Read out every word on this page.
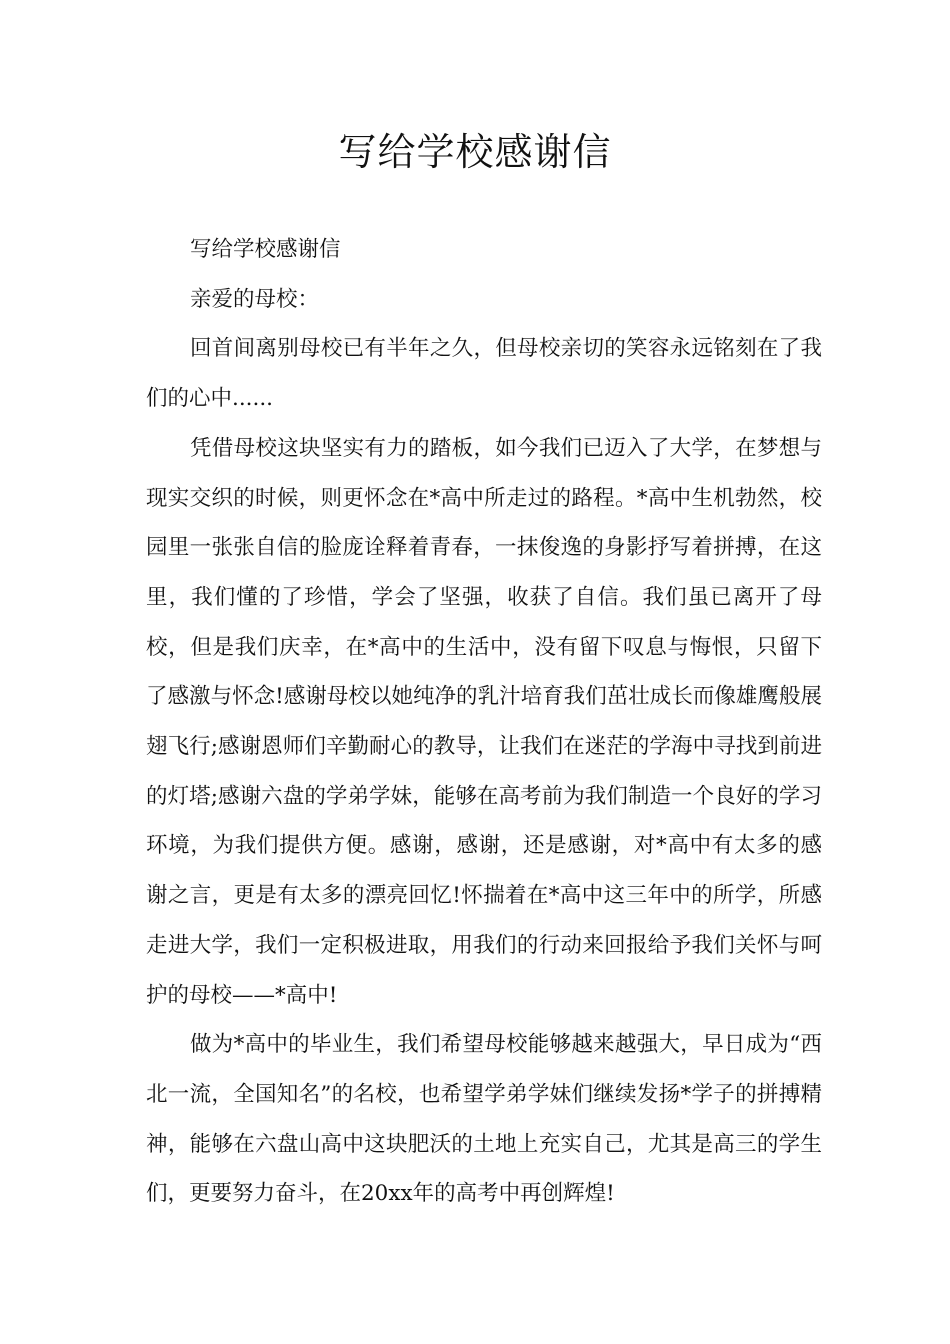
写给学校感谢信

写给学校感谢信

亲爱的母校：

回首间离别母校已有半年之久，但母校亲切的笑容永远铭刻在了我们的心中......

凭借母校这块坚实有力的踏板，如今我们已迈入了大学，在梦想与现实交织的时候，则更怀念在*高中所走过的路程。*高中生机勃然，校园里一张张自信的脸庞诠释着青春，一抹俊逸的身影抒写着拼搏，在这里，我们懂的了珍惜，学会了坚强，收获了自信。我们虽已离开了母校，但是我们庆幸，在*高中的生活中，没有留下叹息与悔恨，只留下了感激与怀念!感谢母校以她纯净的乳汁培育我们茁壮成长而像雄鹰般展翅飞行;感谢恩师们辛勤耐心的教导，让我们在迷茫的学海中寻找到前进的灯塔;感谢六盘的学弟学妹，能够在高考前为我们制造一个良好的学习环境，为我们提供方便。感谢，感谢，还是感谢，对*高中有太多的感谢之言，更是有太多的漂亮回忆!怀揣着在*高中这三年中的所学，所感走进大学，我们一定积极进取，用我们的行动来回报给予我们关怀与呵护的母校——*高中!

做为*高中的毕业生，我们希望母校能够越来越强大，早日成为“西北一流，全国知名”的名校，也希望学弟学妹们继续发扬*学子的拼搏精神，能够在六盘山高中这块肥沃的土地上充实自己，尤其是高三的学生们，更要努力奋斗，在20xx年的高考中再创辉煌!
